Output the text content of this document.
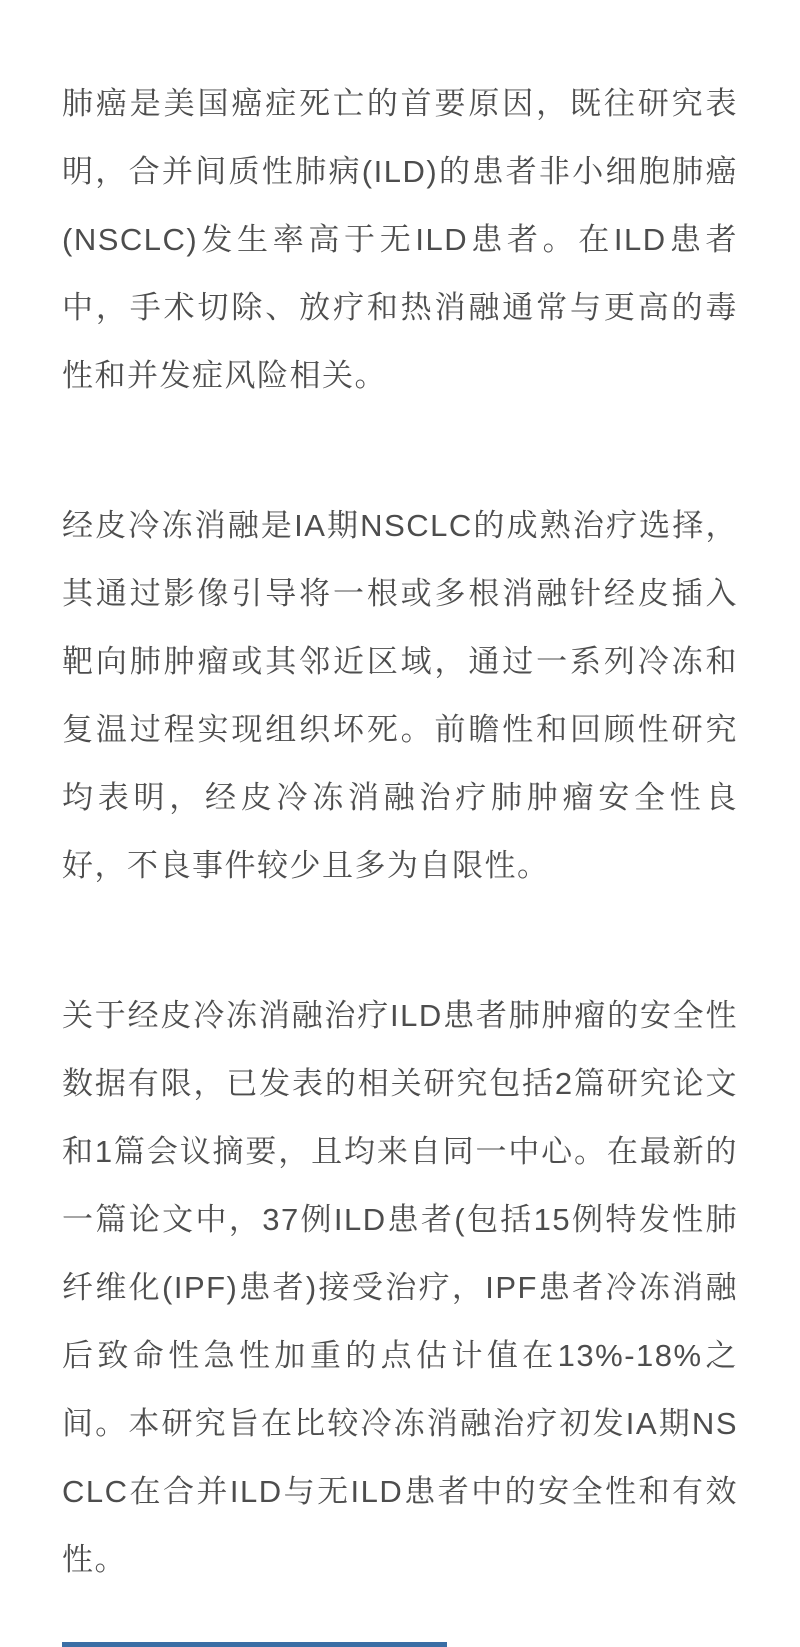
肺癌是美国癌症死亡的首要原因，既往研究表明，合并间质性肺病(ILD)的患者非小细胞肺癌(NSCLC)发生率高于无ILD患者。在ILD患者中，手术切除、放疗和热消融通常与更高的毒性和并发症风险相关。

经皮冷冻消融是IA期NSCLC的成熟治疗选择，其通过影像引导将一根或多根消融针经皮插入靶向肺肿瘤或其邻近区域，通过一系列冷冻和复温过程实现组织坏死。前瞻性和回顾性研究均表明，经皮冷冻消融治疗肺肿瘤安全性良好，不良事件较少且多为自限性。

关于经皮冷冻消融治疗ILD患者肺肿瘤的安全性数据有限，已发表的相关研究包括2篇研究论文和1篇会议摘要，且均来自同一中心。在最新的一篇论文中，37例ILD患者(包括15例特发性肺纤维化(IPF)患者)接受治疗，IPF患者冷冻消融后致命性急性加重的点估计值在13%-18%之间。本研究旨在比较冷冻消融治疗初发IA期NSCLC在合并ILD与无ILD患者中的安全性和有效性。
